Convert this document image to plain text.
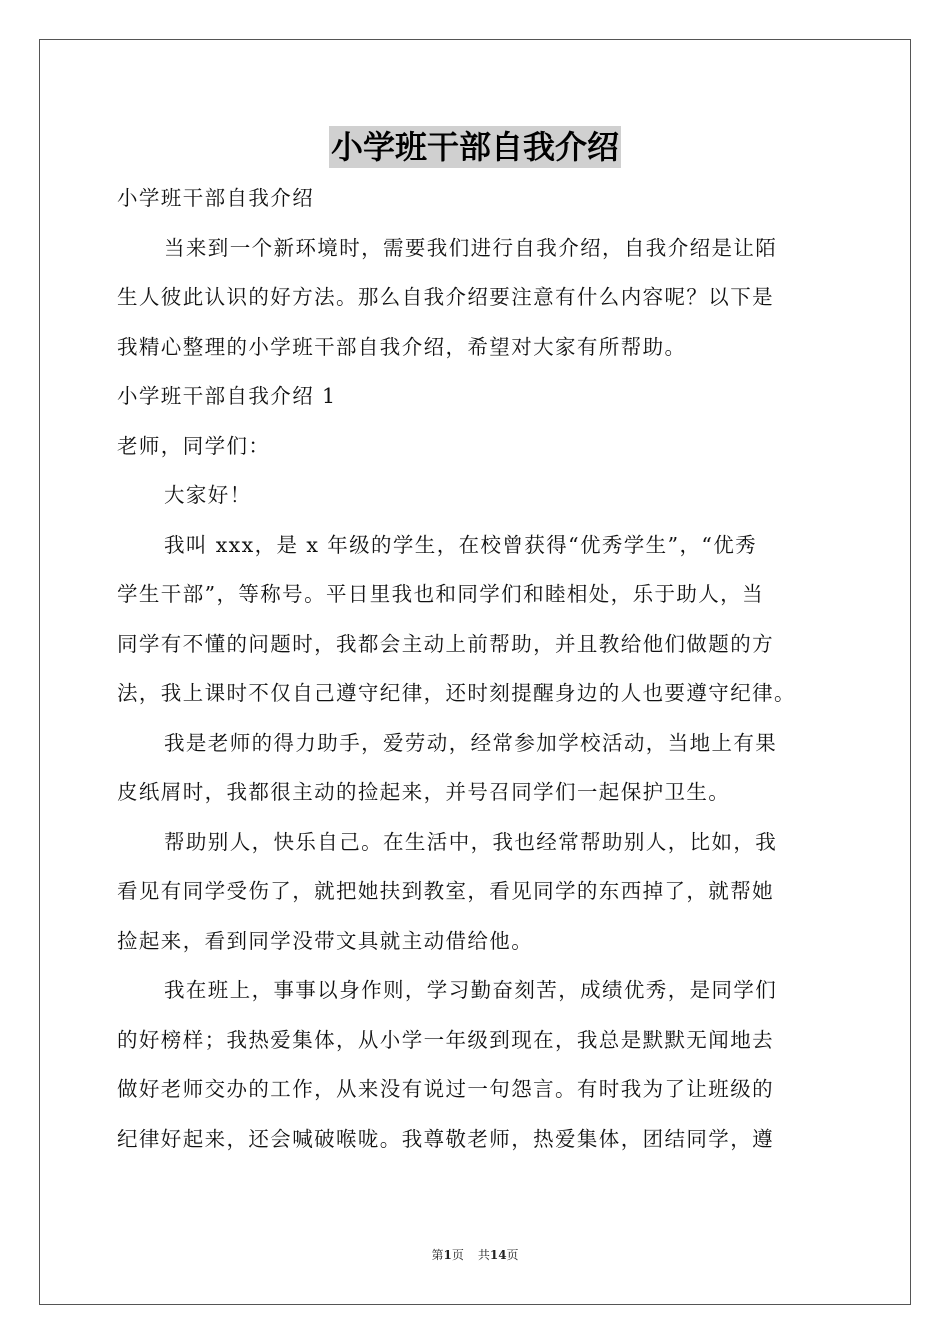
小学班干部自我介绍
小学班干部自我介绍
当来到一个新环境时，需要我们进行自我介绍，自我介绍是让陌
生人彼此认识的好方法。那么自我介绍要注意有什么内容呢？以下是
我精心整理的小学班干部自我介绍，希望对大家有所帮助。
小学班干部自我介绍 1
老师，同学们：
大家好！
我叫 xxx，是 x 年级的学生，在校曾获得“优秀学生”，“优秀
学生干部”，等称号。平日里我也和同学们和睦相处，乐于助人，当
同学有不懂的问题时，我都会主动上前帮助，并且教给他们做题的方
法，我上课时不仅自己遵守纪律，还时刻提醒身边的人也要遵守纪律。
我是老师的得力助手，爱劳动，经常参加学校活动，当地上有果
皮纸屑时，我都很主动的捡起来，并号召同学们一起保护卫生。
帮助别人，快乐自己。在生活中，我也经常帮助别人，比如，我
看见有同学受伤了，就把她扶到教室，看见同学的东西掉了，就帮她
捡起来，看到同学没带文具就主动借给他。
我在班上，事事以身作则，学习勤奋刻苦，成绩优秀，是同学们
的好榜样；我热爱集体，从小学一年级到现在，我总是默默无闻地去
做好老师交办的工作，从来没有说过一句怨言。有时我为了让班级的
纪律好起来，还会喊破喉咙。我尊敬老师，热爱集体，团结同学，遵
第1页 共14页
